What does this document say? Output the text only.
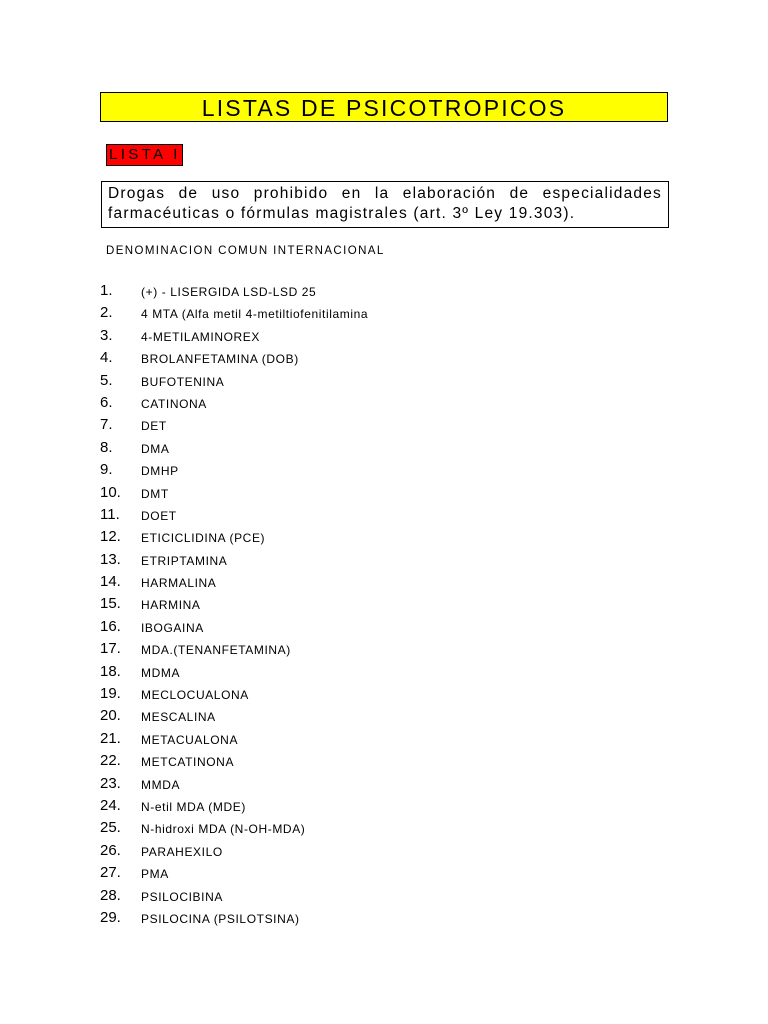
LISTAS DE PSICOTROPICOS
LISTA I
Drogas de uso prohibido en la elaboración de especialidades
farmacéuticas o fórmulas magistrales (art. 3º Ley 19.303).
DENOMINACION COMUN INTERNACIONAL
1.	(+) - LISERGIDA LSD-LSD 25
2.	4 MTA (Alfa metil 4-metiltiofenitilamina
3.	4-METILAMINOREX
4.	BROLANFETAMINA (DOB)
5.	BUFOTENINA
6.	CATINONA
7.	DET
8.	DMA
9.	DMHP
10.	DMT
11.	DOET
12.	ETICICLIDINA (PCE)
13.	ETRIPTAMINA
14.	HARMALINA
15.	HARMINA
16.	IBOGAINA
17.	MDA.(TENANFETAMINA)
18.	MDMA
19.	MECLOCUALONA
20.	MESCALINA
21.	METACUALONA
22.	METCATINONA
23.	MMDA
24.	N-etil MDA (MDE)
25.	N-hidroxi MDA (N-OH-MDA)
26.	PARAHEXILO
27.	PMA
28.	PSILOCIBINA
29.	PSILOCINA (PSILOTSINA)
